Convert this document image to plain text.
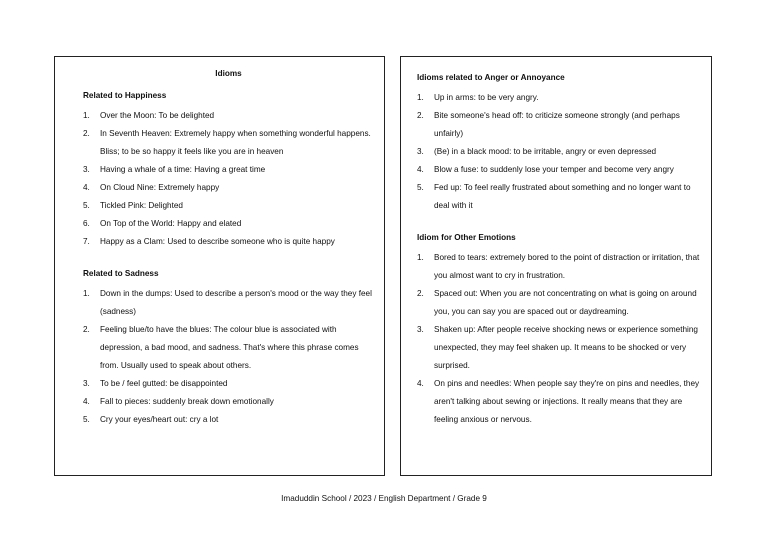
Idioms
Related to Happiness
1.	Over the Moon: To be delighted
2.	In Seventh Heaven: Extremely happy when something wonderful happens. Bliss; to be so happy it feels like you are in heaven
3.	Having a whale of a time: Having a great time
4.	On Cloud Nine: Extremely happy
5.	Tickled Pink: Delighted
6.	On Top of the World: Happy and elated
7.	Happy as a Clam: Used to describe someone who is quite happy
Related to Sadness
1.	Down in the dumps: Used to describe a person's mood or the way they feel (sadness)
2.	Feeling blue/to have the blues: The colour blue is associated with depression, a bad mood, and sadness. That's where this phrase comes from. Usually used to speak about others.
3.	To be / feel gutted: be disappointed
4.	Fall to pieces: suddenly break down emotionally
5.	Cry your eyes/heart out: cry a lot
Idioms related to Anger or Annoyance
1.	Up in arms: to be very angry.
2.	Bite someone's head off: to criticize someone strongly (and perhaps unfairly)
3.	(Be) in a black mood: to be irritable, angry or even depressed
4.	Blow a fuse: to suddenly lose your temper and become very angry
5.	Fed up: To feel really frustrated about something and no longer want to deal with it
Idiom for Other Emotions
1.	Bored to tears: extremely bored to the point of distraction or irritation, that you almost want to cry in frustration.
2.	Spaced out: When you are not concentrating on what is going on around you, you can say you are spaced out or daydreaming.
3.	Shaken up: After people receive shocking news or experience something unexpected, they may feel shaken up. It means to be shocked or very surprised.
4.	On pins and needles: When people say they're on pins and needles, they aren't talking about sewing or injections. It really means that they are feeling anxious or nervous.
Imaduddin School / 2023 / English Department / Grade 9
